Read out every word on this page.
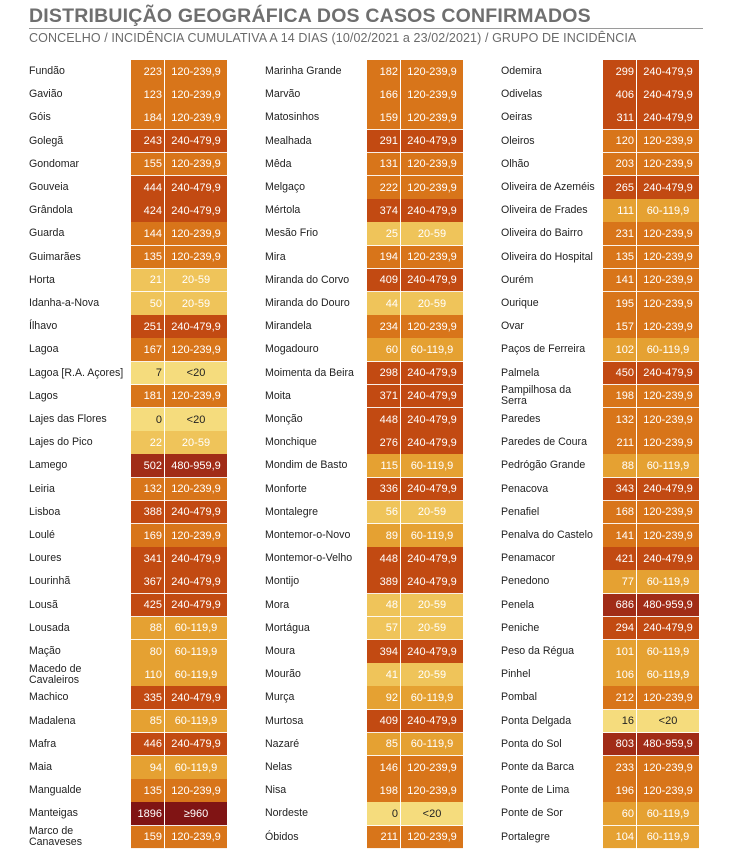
DISTRIBUIÇÃO GEOGRÁFICA DOS CASOS CONFIRMADOS
CONCELHO / INCIDÊNCIA CUMULATIVA A 14 DIAS (10/02/2021 a 23/02/2021) / GRUPO DE INCIDÊNCIA
Fundão	223 120-239,9
Gavião	123 120-239,9
Góis	184 120-239,9
Golegã	243 240-479,9
Gondomar	155 120-239,9
Gouveia	444 240-479,9
Grândola	424 240-479,9
Guarda	144 120-239,9
Guimarães	135 120-239,9
Horta	21	20-59
Idanha-a-Nova	50	20-59
Ílhavo	251 240-479,9
Lagoa	167 120-239,9
Lagoa [R.A. Açores]	7	<20
Lagos	181 120-239,9
Lajes das Flores	0	<20
Lajes do Pico	22	20-59
Lamego	502 480-959,9
Leiria	132 120-239,9
Lisboa	388 240-479,9
Loulé	169 120-239,9
Loures	341 240-479,9
Lourinhã	367 240-479,9
Lousã	425 240-479,9
Lousada	88	60-119,9
Mação	80	60-119,9
Macedo de Cavaleiros	110	60-119,9
Machico	335 240-479,9
Madalena	85	60-119,9
Mafra	446 240-479,9
Maia	94	60-119,9
Mangualde	135 120-239,9
Manteigas	1896	≥960
Marco de Canaveses	159 120-239,9
Marinha Grande	182 120-239,9
Marvão	166 120-239,9
Matosinhos	159 120-239,9
Mealhada	291 240-479,9
Mêda	131 120-239,9
Melgaço	222 120-239,9
Mértola	374 240-479,9
Mesão Frio	25	20-59
Mira	194 120-239,9
Miranda do Corvo	409 240-479,9
Miranda do Douro	44	20-59
Mirandela	234 120-239,9
Mogadouro	60	60-119,9
Moimenta da Beira	298 240-479,9
Moita	371 240-479,9
Monção	448 240-479,9
Monchique	276 240-479,9
Mondim de Basto	115	60-119,9
Monforte	336 240-479,9
Montalegre	56	20-59
Montemor-o-Novo	89	60-119,9
Montemor-o-Velho	448 240-479,9
Montijo	389 240-479,9
Mora	48	20-59
Mortágua	57	20-59
Moura	394 240-479,9
Mourão	41	20-59
Murça	92	60-119,9
Murtosa	409 240-479,9
Nazaré	85	60-119,9
Nelas	146 120-239,9
Nisa	198 120-239,9
Nordeste	0	<20
Óbidos	211 120-239,9
Odemira	299 240-479,9
Odivelas	406 240-479,9
Oeiras	311 240-479,9
Oleiros	120 120-239,9
Olhão	203 120-239,9
Oliveira de Azeméis	265 240-479,9
Oliveira de Frades	111	60-119,9
Oliveira do Bairro	231 120-239,9
Oliveira do Hospital	135 120-239,9
Ourém	141 120-239,9
Ourique	195 120-239,9
Ovar	157 120-239,9
Paços de Ferreira	102	60-119,9
Palmela	450 240-479,9
Pampilhosa da Serra	198 120-239,9
Paredes	132 120-239,9
Paredes de Coura	211 120-239,9
Pedrógão Grande	88	60-119,9
Penacova	343 240-479,9
Penafiel	168 120-239,9
Penalva do Castelo	141 120-239,9
Penamacor	421 240-479,9
Penedono	77	60-119,9
Penela	686 480-959,9
Peniche	294 240-479,9
Peso da Régua	101	60-119,9
Pinhel	106	60-119,9
Pombal	212 120-239,9
Ponta Delgada	16	<20
Ponta do Sol	803 480-959,9
Ponte da Barca	233 120-239,9
Ponte de Lima	196 120-239,9
Ponte de Sor	60	60-119,9
Portalegre	104	60-119,9
